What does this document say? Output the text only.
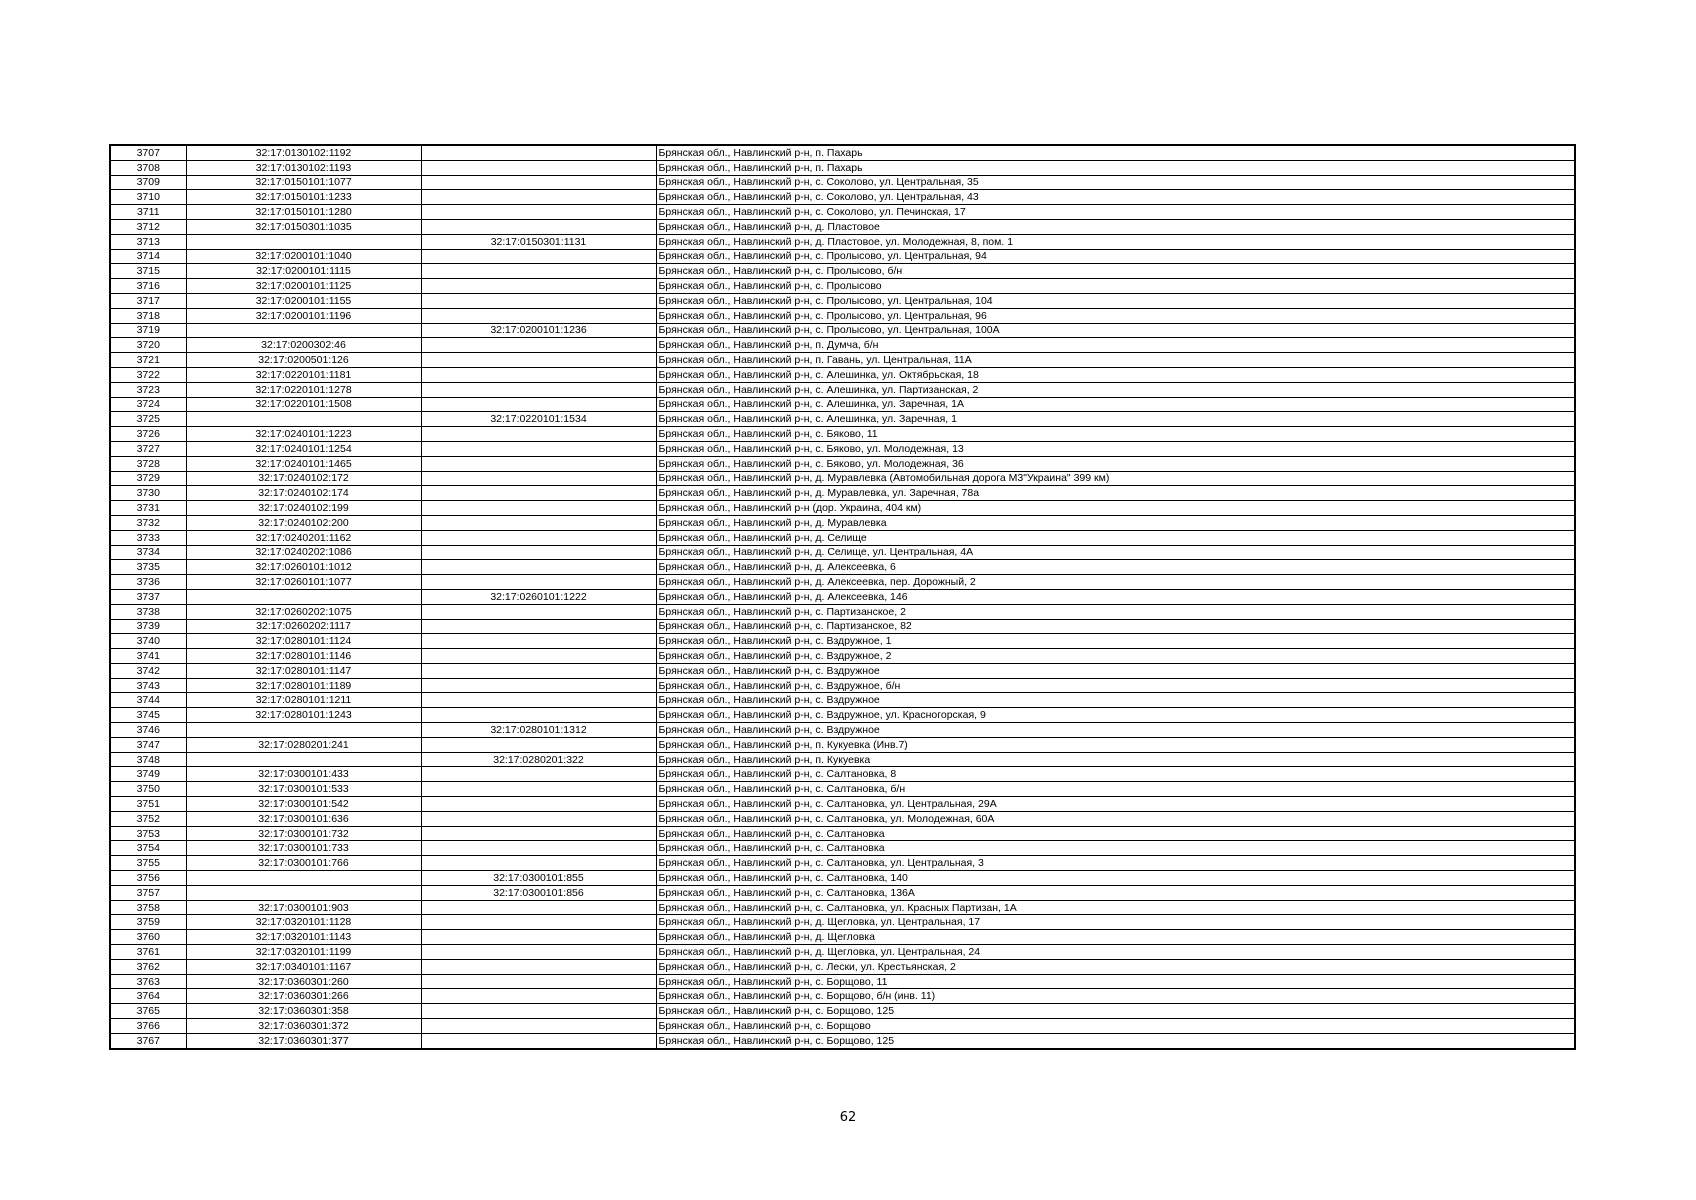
3707	32:17:0130102:1192		Брянская обл., Навлинский р-н, п. Пахарь
3708	32:17:0130102:1193		Брянская обл., Навлинский р-н, п. Пахарь
3709	32:17:0150101:1077		Брянская обл., Навлинский р-н, с. Соколово, ул. Центральная, 35
3710	32:17:0150101:1233		Брянская обл., Навлинский р-н, с. Соколово, ул. Центральная, 43
3711	32:17:0150101:1280		Брянская обл., Навлинский р-н, с. Соколово, ул. Печинская, 17
3712	32:17:0150301:1035		Брянская обл., Навлинский р-н, д. Пластовое
3713		32:17:0150301:1131	Брянская обл., Навлинский р-н, д. Пластовое, ул. Молодежная, 8, пом. 1
3714	32:17:0200101:1040		Брянская обл., Навлинский р-н, с. Пролысово, ул. Центральная, 94
3715	32:17:0200101:1115		Брянская обл., Навлинский р-н, с. Пролысово, б/н
3716	32:17:0200101:1125		Брянская обл., Навлинский р-н, с. Пролысово
3717	32:17:0200101:1155		Брянская обл., Навлинский р-н, с. Пролысово, ул. Центральная, 104
3718	32:17:0200101:1196		Брянская обл., Навлинский р-н, с. Пролысово, ул. Центральная, 96
3719		32:17:0200101:1236	Брянская обл., Навлинский р-н, с. Пролысово, ул. Центральная, 100А
3720	32:17:0200302:46		Брянская обл., Навлинский р-н, п. Думча, б/н
3721	32:17:0200501:126		Брянская обл., Навлинский р-н, п. Гавань, ул. Центральная, 11А
3722	32:17:0220101:1181		Брянская обл., Навлинский р-н, с. Алешинка, ул. Октябрьская, 18
3723	32:17:0220101:1278		Брянская обл., Навлинский р-н, с. Алешинка, ул. Партизанская, 2
3724	32:17:0220101:1508		Брянская обл., Навлинский р-н, с. Алешинка, ул. Заречная, 1А
3725		32:17:0220101:1534	Брянская обл., Навлинский р-н, с. Алешинка, ул. Заречная, 1
3726	32:17:0240101:1223		Брянская обл., Навлинский р-н, с. Бяково, 11
3727	32:17:0240101:1254		Брянская обл., Навлинский р-н, с. Бяково, ул. Молодежная, 13
3728	32:17:0240101:1465		Брянская обл., Навлинский р-н, с. Бяково, ул. Молодежная, 36
3729	32:17:0240102:172		Брянская обл., Навлинский р-н, д. Муравлевка (Автомобильная дорога М3"Украина" 399 км)
3730	32:17:0240102:174		Брянская обл., Навлинский р-н, д. Муравлевка, ул. Заречная, 78а
3731	32:17:0240102:199		Брянская обл., Навлинский р-н (дор. Украина, 404 км)
3732	32:17:0240102:200		Брянская обл., Навлинский р-н, д. Муравлевка
3733	32:17:0240201:1162		Брянская обл., Навлинский р-н, д. Селище
3734	32:17:0240202:1086		Брянская обл., Навлинский р-н, д. Селище, ул. Центральная, 4А
3735	32:17:0260101:1012		Брянская обл., Навлинский р-н, д. Алексеевка, 6
3736	32:17:0260101:1077		Брянская обл., Навлинский р-н, д. Алексеевка, пер. Дорожный, 2
3737		32:17:0260101:1222	Брянская обл., Навлинский р-н, д. Алексеевка, 146
3738	32:17:0260202:1075		Брянская обл., Навлинский р-н, с. Партизанское, 2
3739	32:17:0260202:1117		Брянская обл., Навлинский р-н, с. Партизанское, 82
3740	32:17:0280101:1124		Брянская обл., Навлинский р-н, с. Вздружное, 1
3741	32:17:0280101:1146		Брянская обл., Навлинский р-н, с. Вздружное, 2
3742	32:17:0280101:1147		Брянская обл., Навлинский р-н, с. Вздружное
3743	32:17:0280101:1189		Брянская обл., Навлинский р-н, с. Вздружное, б/н
3744	32:17:0280101:1211		Брянская обл., Навлинский р-н, с. Вздружное
3745	32:17:0280101:1243		Брянская обл., Навлинский р-н, с. Вздружное, ул. Красногорская, 9
3746		32:17:0280101:1312	Брянская обл., Навлинский р-н, с. Вздружное
3747	32:17:0280201:241		Брянская обл., Навлинский р-н, п. Кукуевка (Инв.7)
3748		32:17:0280201:322	Брянская обл., Навлинский р-н, п. Кукуевка
3749	32:17:0300101:433		Брянская обл., Навлинский р-н, с. Салтановка, 8
3750	32:17:0300101:533		Брянская обл., Навлинский р-н, с. Салтановка, б/н
3751	32:17:0300101:542		Брянская обл., Навлинский р-н, с. Салтановка, ул. Центральная, 29А
3752	32:17:0300101:636		Брянская обл., Навлинский р-н, с. Салтановка, ул. Молодежная, 60А
3753	32:17:0300101:732		Брянская обл., Навлинский р-н, с. Салтановка
3754	32:17:0300101:733		Брянская обл., Навлинский р-н, с. Салтановка
3755	32:17:0300101:766		Брянская обл., Навлинский р-н, с. Салтановка, ул. Центральная, 3
3756		32:17:0300101:855	Брянская обл., Навлинский р-н, с. Салтановка, 140
3757		32:17:0300101:856	Брянская обл., Навлинский р-н, с. Салтановка, 136А
3758	32:17:0300101:903		Брянская обл., Навлинский р-н, с. Салтановка, ул. Красных Партизан, 1А
3759	32:17:0320101:1128		Брянская обл., Навлинский р-н, д. Щегловка, ул. Центральная, 17
3760	32:17:0320101:1143		Брянская обл., Навлинский р-н, д. Щегловка
3761	32:17:0320101:1199		Брянская обл., Навлинский р-н, д. Щегловка, ул. Центральная, 24
3762	32:17:0340101:1167		Брянская обл., Навлинский р-н, с. Лески, ул. Крестьянская, 2
3763	32:17:0360301:260		Брянская обл., Навлинский р-н, с. Борщово, 11
3764	32:17:0360301:266		Брянская обл., Навлинский р-н, с. Борщово, б/н (инв. 11)
3765	32:17:0360301:358		Брянская обл., Навлинский р-н, с. Борщово, 125
3766	32:17:0360301:372		Брянская обл., Навлинский р-н, с. Борщово
3767	32:17:0360301:377		Брянская обл., Навлинский р-н, с. Борщово, 125
62
